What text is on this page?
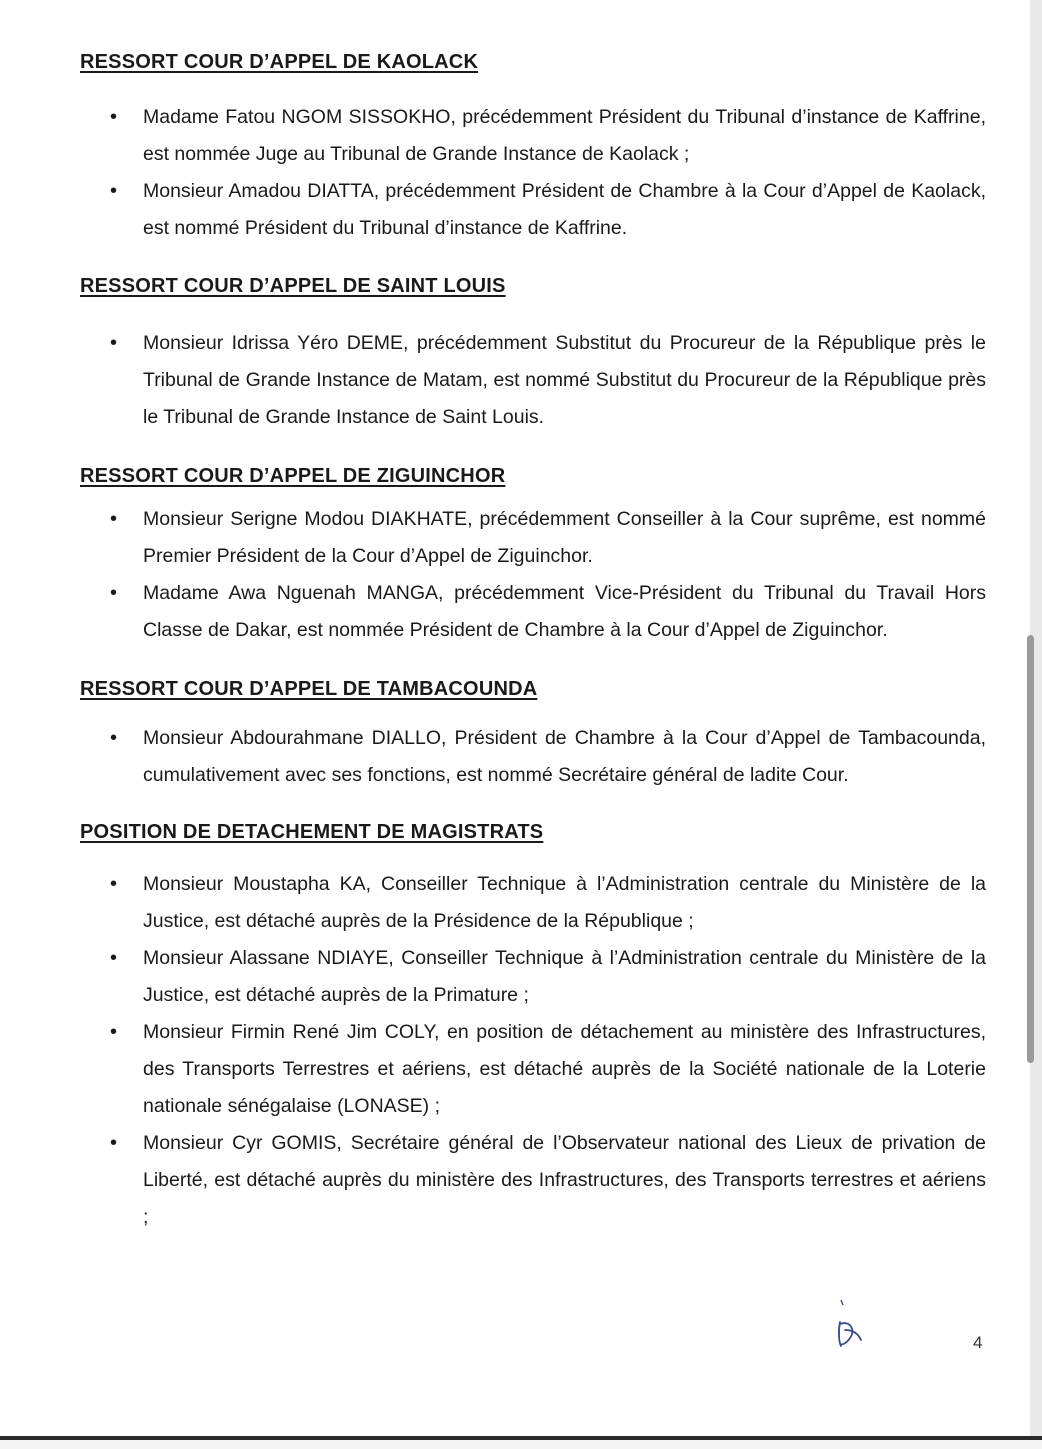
RESSORT COUR D’APPEL DE KAOLACK
• Madame Fatou NGOM SISSOKHO, précédemment Président du Tribunal d’instance de Kaffrine, est nommée Juge au Tribunal de Grande Instance de Kaolack ;
• Monsieur Amadou DIATTA, précédemment Président de Chambre à la Cour d’Appel de Kaolack, est nommé Président du Tribunal d’instance de Kaffrine.
RESSORT COUR D’APPEL DE SAINT LOUIS
• Monsieur Idrissa Yéro DEME, précédemment Substitut du Procureur de la République près le Tribunal de Grande Instance de Matam, est nommé Substitut du Procureur de la République près le Tribunal de Grande Instance de Saint Louis.
RESSORT COUR D’APPEL DE ZIGUINCHOR
• Monsieur Serigne Modou DIAKHATE, précédemment Conseiller à la Cour suprême, est nommé Premier Président de la Cour d’Appel de Ziguinchor.
• Madame Awa Nguenah MANGA, précédemment Vice-Président du Tribunal du Travail Hors Classe de Dakar, est nommée Président de Chambre à la Cour d’Appel de Ziguinchor.
RESSORT COUR D’APPEL DE TAMBACOUNDA
• Monsieur Abdourahmane DIALLO, Président de Chambre à la Cour d’Appel de Tambacounda, cumulativement avec ses fonctions, est nommé Secrétaire général de ladite Cour.
POSITION DE DETACHEMENT DE MAGISTRATS
• Monsieur Moustapha KA, Conseiller Technique à l’Administration centrale du Ministère de la Justice, est détaché auprès de la Présidence de la République ;
• Monsieur Alassane NDIAYE, Conseiller Technique à l’Administration centrale du Ministère de la Justice, est détaché auprès de la Primature ;
• Monsieur Firmin René Jim COLY, en position de détachement au ministère des Infrastructures, des Transports Terrestres et aériens, est détaché auprès de la Société nationale de la Loterie nationale sénégalaise (LONASE) ;
• Monsieur Cyr GOMIS, Secrétaire général de l’Observateur national des Lieux de privation de Liberté, est détaché auprès du ministère des Infrastructures, des Transports terrestres et aériens ;
4
